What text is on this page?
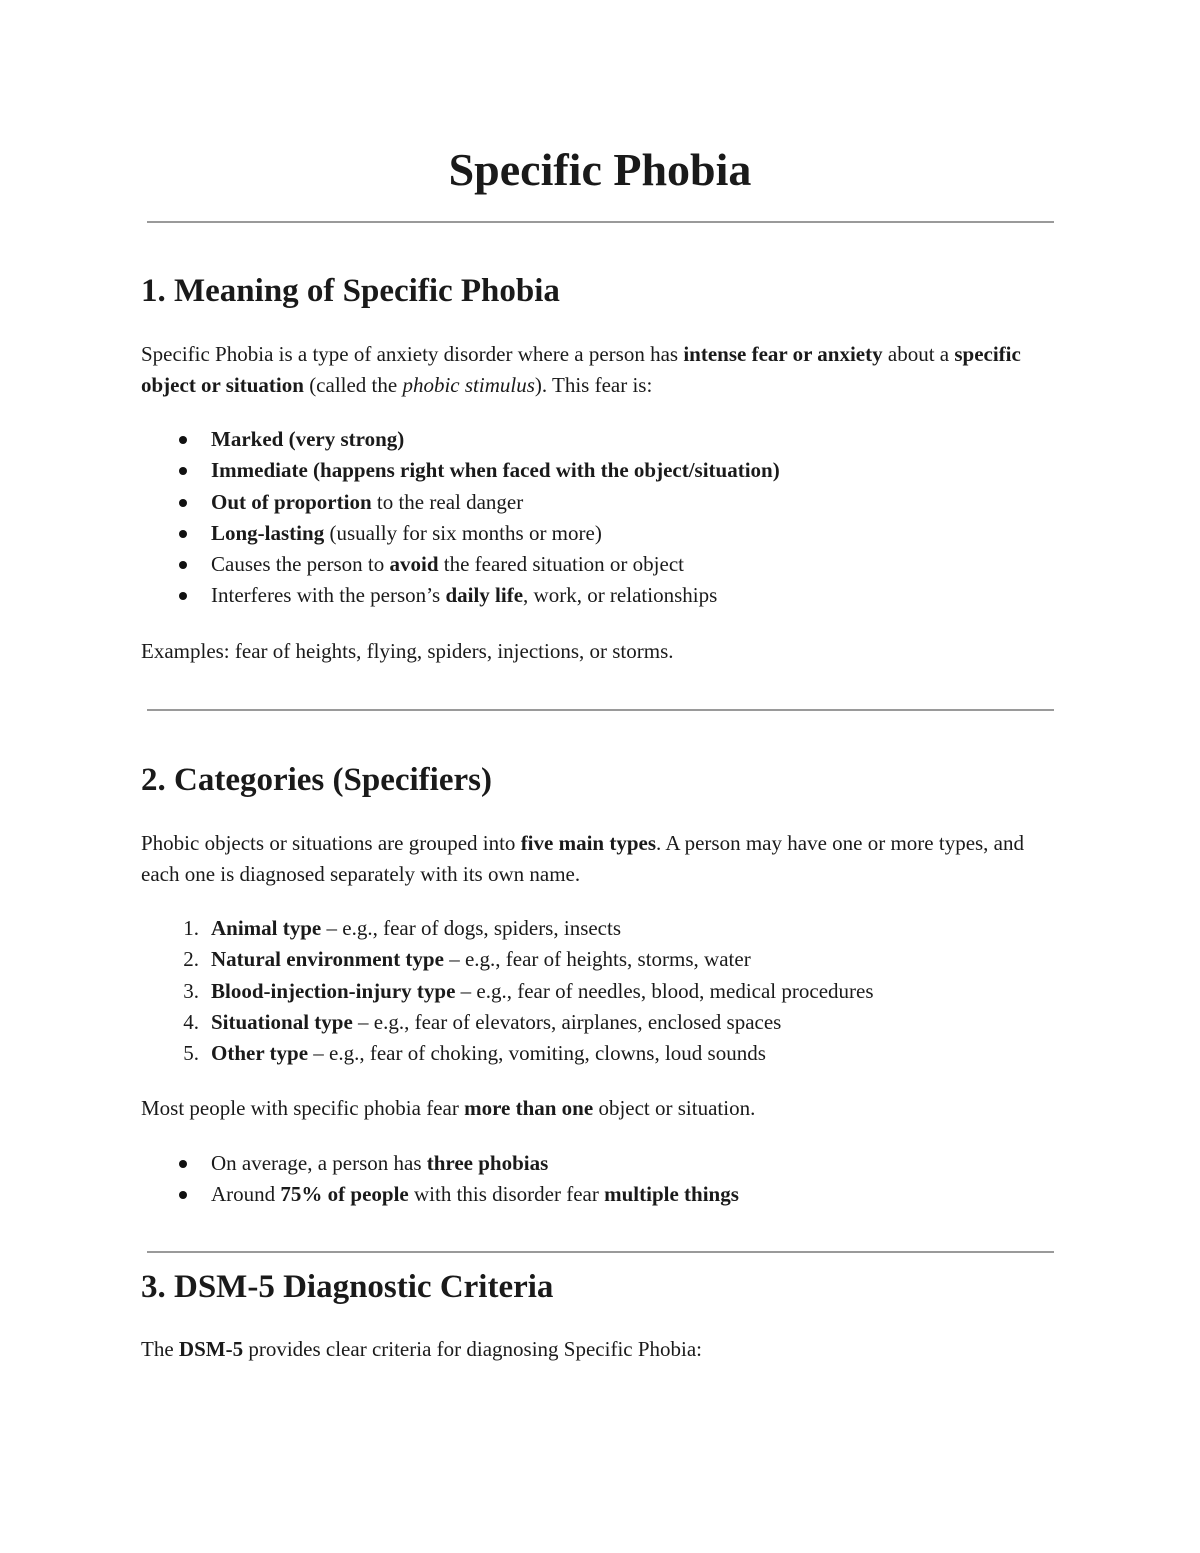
Specific Phobia
1. Meaning of Specific Phobia

Specific Phobia is a type of anxiety disorder where a person has intense fear or anxiety about a specific object or situation (called the phobic stimulus). This fear is:

Marked (very strong)
Immediate (happens right when faced with the object/situation)
Out of proportion to the real danger
Long-lasting (usually for six months or more)
Causes the person to avoid the feared situation or object
Interferes with the person’s daily life, work, or relationships

Examples: fear of heights, flying, spiders, injections, or storms.

2. Categories (Specifiers)

Phobic objects or situations are grouped into five main types. A person may have one or more types, and each one is diagnosed separately with its own name.

1. Animal type – e.g., fear of dogs, spiders, insects
2. Natural environment type – e.g., fear of heights, storms, water
3. Blood-injection-injury type – e.g., fear of needles, blood, medical procedures
4. Situational type – e.g., fear of elevators, airplanes, enclosed spaces
5. Other type – e.g., fear of choking, vomiting, clowns, loud sounds

Most people with specific phobia fear more than one object or situation.

On average, a person has three phobias
Around 75% of people with this disorder fear multiple things
3. DSM-5 Diagnostic Criteria

The DSM-5 provides clear criteria for diagnosing Specific Phobia:
